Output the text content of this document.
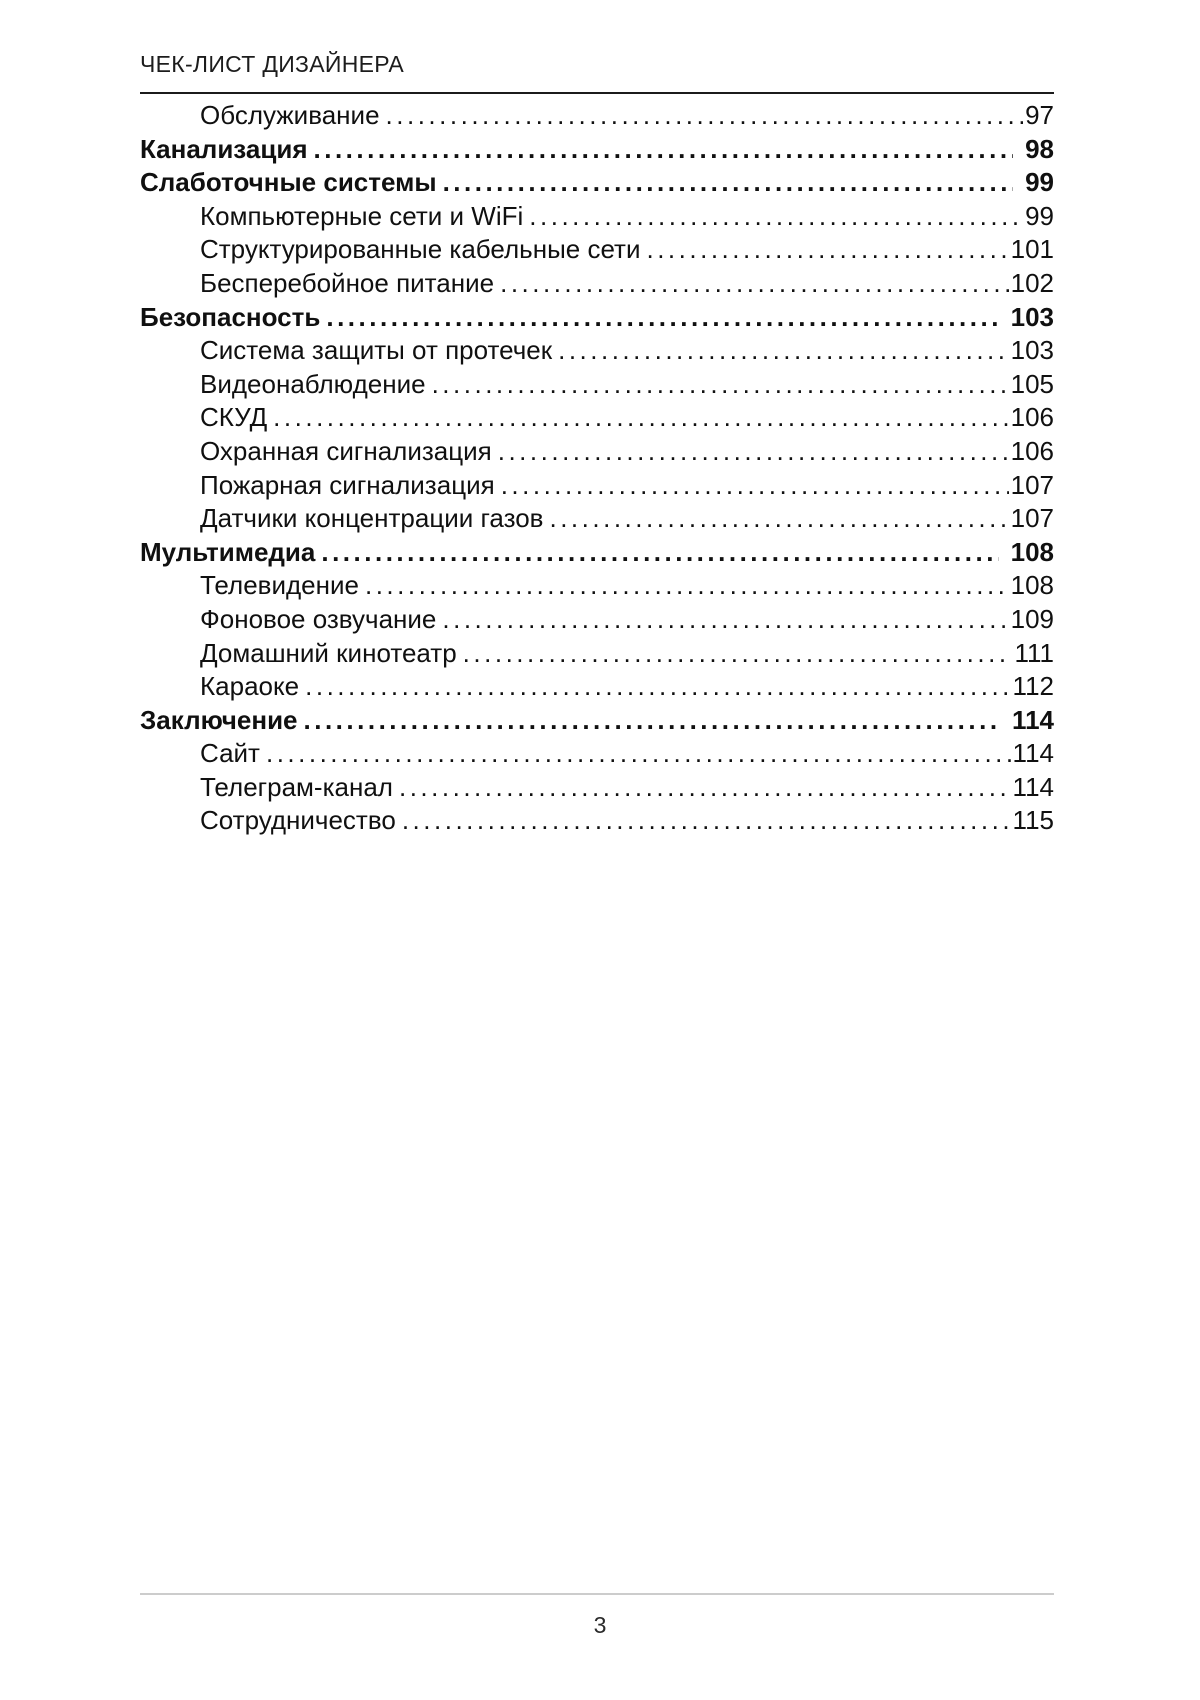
ЧЕК-ЛИСТ ДИЗАЙНЕРА
Обслуживание .....	97
Канализация .....	98
Слаботочные системы .....	99
Компьютерные сети и WiFi .....	99
Структурированные кабельные сети .....	101
Бесперебойное питание .....	102
Безопасность .....	103
Система защиты от протечек .....	103
Видеонаблюдение .....	105
СКУД .....	106
Охранная сигнализация .....	106
Пожарная сигнализация .....	107
Датчики концентрации газов .....	107
Мультимедиа .....	108
Телевидение .....	108
Фоновое озвучание .....	109
Домашний кинотеатр .....	111
Караоке .....	112
Заключение .....	114
Сайт .....	114
Телеграм-канал .....	114
Сотрудничество .....	115
3
